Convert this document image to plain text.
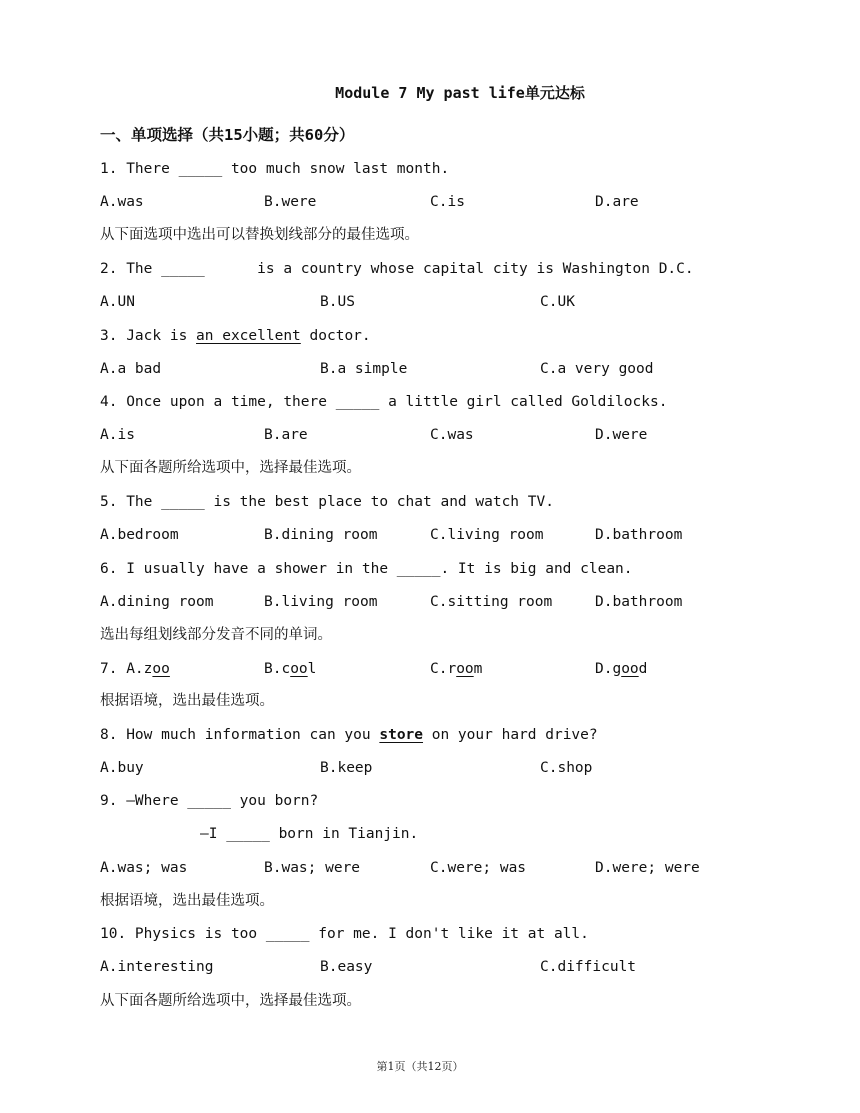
Module 7 My past life单元达标
一、单项选择（共15小题；共60分）
1. There _____ too much snow last month.
A.was	B.were	C.is	D.are
从下面选项中选出可以替换划线部分的最佳选项。
2. The _____      is a country whose capital city is Washington D.C.
A.UN	B.US	C.UK
3. Jack is an excellent doctor.
A.a bad	B.a simple	C.a very good
4. Once upon a time, there _____ a little girl called Goldilocks.
A.is	B.are	C.was	D.were
从下面各题所给选项中，选择最佳选项。
5. The _____ is the best place to chat and watch TV.
A.bedroom	B.dining room	C.living room	D.bathroom
6. I usually have a shower in the _____. It is big and clean.
A.dining room	B.living room	C.sitting room	D.bathroom
选出每组划线部分发音不同的单词。
7. A.zoo	B.cool	C.room	D.good
根据语境，选出最佳选项。
8. How much information can you store on your hard drive?
A.buy	B.keep	C.shop
9. —Where _____ you born?
—I _____ born in Tianjin.
A.was; was	B.was; were	C.were; was	D.were; were
根据语境，选出最佳选项。
10. Physics is too _____ for me. I don't like it at all.
A.interesting	B.easy	C.difficult
从下面各题所给选项中，选择最佳选项。
第1页（共12页）
